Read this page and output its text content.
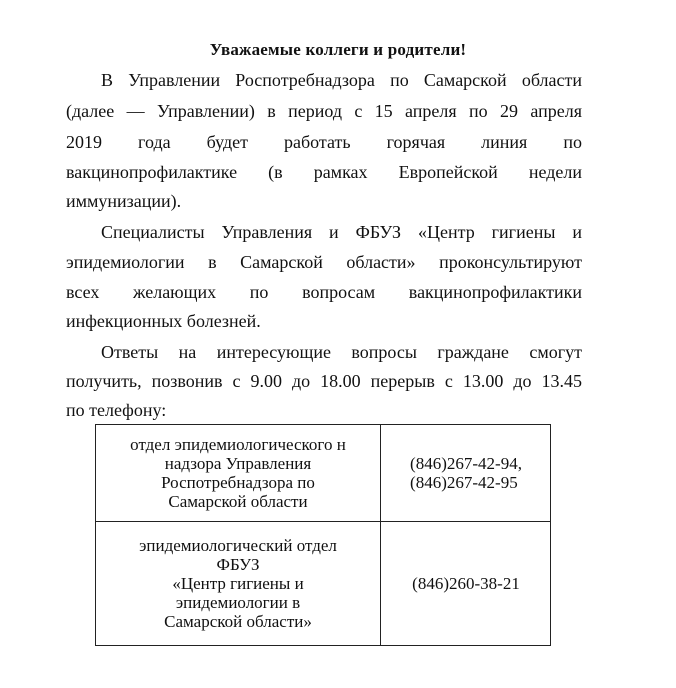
Уважаемые коллеги и родители!
В Управлении Роспотребнадзора по Самарской области
(далее — Управлении) в период с 15 апреля по 29 апреля
2019 года будет работать горячая линия по
вакцинопрофилактике (в рамках Европейской недели
иммунизации).
Специалисты Управления и ФБУЗ «Центр гигиены и
эпидемиологии в Самарской области» проконсультируют
всех желающих по вопросам вакцинопрофилактики
инфекционных болезней.
Ответы на интересующие вопросы граждане смогут
получить, позвонив с 9.00 до 18.00 перерыв с 13.00 до 13.45
по телефону:
отдел эпидемиологического н
надзора Управления
Роспотребнадзора по
Самарской области
(846)267-42-94,
(846)267-42-95
эпидемиологический отдел
ФБУЗ
«Центр гигиены и
эпидемиологии в
Самарской области»
(846)260-38-21
